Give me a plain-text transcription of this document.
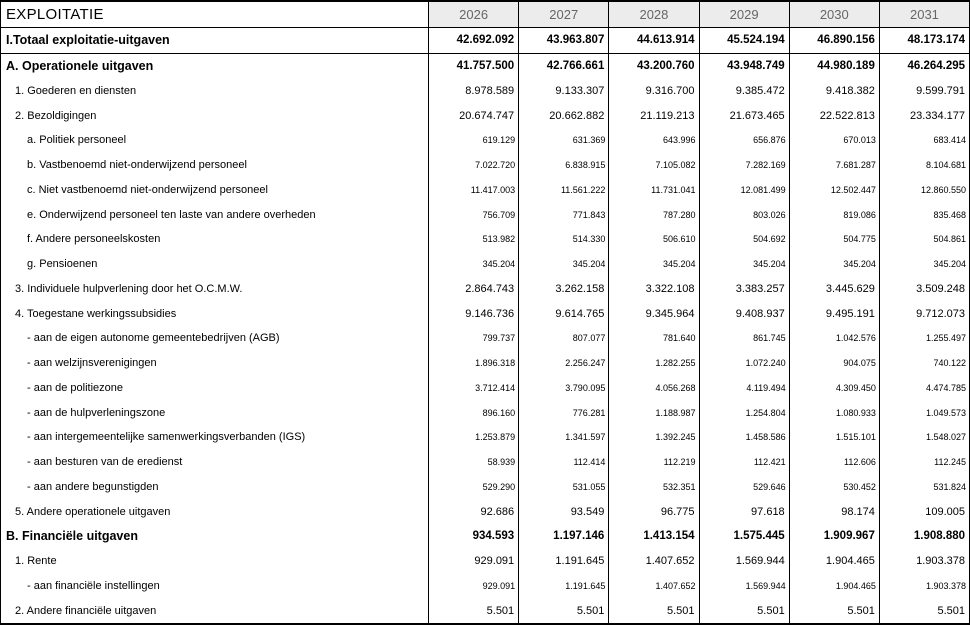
EXPLOITATIE	2026	2027	2028	2029	2030	2031
I.Totaal exploitatie-uitgaven	42.692.092	43.963.807	44.613.914	45.524.194	46.890.156	48.173.174
A. Operationele uitgaven	41.757.500	42.766.661	43.200.760	43.948.749	44.980.189	46.264.295
1. Goederen en diensten	8.978.589	9.133.307	9.316.700	9.385.472	9.418.382	9.599.791
2. Bezoldigingen	20.674.747	20.662.882	21.119.213	21.673.465	22.522.813	23.334.177
a. Politiek personeel	619.129	631.369	643.996	656.876	670.013	683.414
b. Vastbenoemd niet-onderwijzend personeel	7.022.720	6.838.915	7.105.082	7.282.169	7.681.287	8.104.681
c. Niet vastbenoemd niet-onderwijzend personeel	11.417.003	11.561.222	11.731.041	12.081.499	12.502.447	12.860.550
e. Onderwijzend personeel ten laste van andere overheden	756.709	771.843	787.280	803.026	819.086	835.468
f. Andere personeelskosten	513.982	514.330	506.610	504.692	504.775	504.861
g. Pensioenen	345.204	345.204	345.204	345.204	345.204	345.204
3. Individuele hulpverlening door het O.C.M.W.	2.864.743	3.262.158	3.322.108	3.383.257	3.445.629	3.509.248
4. Toegestane werkingssubsidies	9.146.736	9.614.765	9.345.964	9.408.937	9.495.191	9.712.073
- aan de eigen autonome gemeentebedrijven (AGB)	799.737	807.077	781.640	861.745	1.042.576	1.255.497
- aan welzijnsverenigingen	1.896.318	2.256.247	1.282.255	1.072.240	904.075	740.122
- aan de politiezone	3.712.414	3.790.095	4.056.268	4.119.494	4.309.450	4.474.785
- aan de hulpverleningszone	896.160	776.281	1.188.987	1.254.804	1.080.933	1.049.573
- aan intergemeentelijke samenwerkingsverbanden (IGS)	1.253.879	1.341.597	1.392.245	1.458.586	1.515.101	1.548.027
- aan besturen van de eredienst	58.939	112.414	112.219	112.421	112.606	112.245
- aan andere begunstigden	529.290	531.055	532.351	529.646	530.452	531.824
5. Andere operationele uitgaven	92.686	93.549	96.775	97.618	98.174	109.005
B. Financiële uitgaven	934.593	1.197.146	1.413.154	1.575.445	1.909.967	1.908.880
1. Rente	929.091	1.191.645	1.407.652	1.569.944	1.904.465	1.903.378
- aan financiële instellingen	929.091	1.191.645	1.407.652	1.569.944	1.904.465	1.903.378
2. Andere financiële uitgaven	5.501	5.501	5.501	5.501	5.501	5.501
